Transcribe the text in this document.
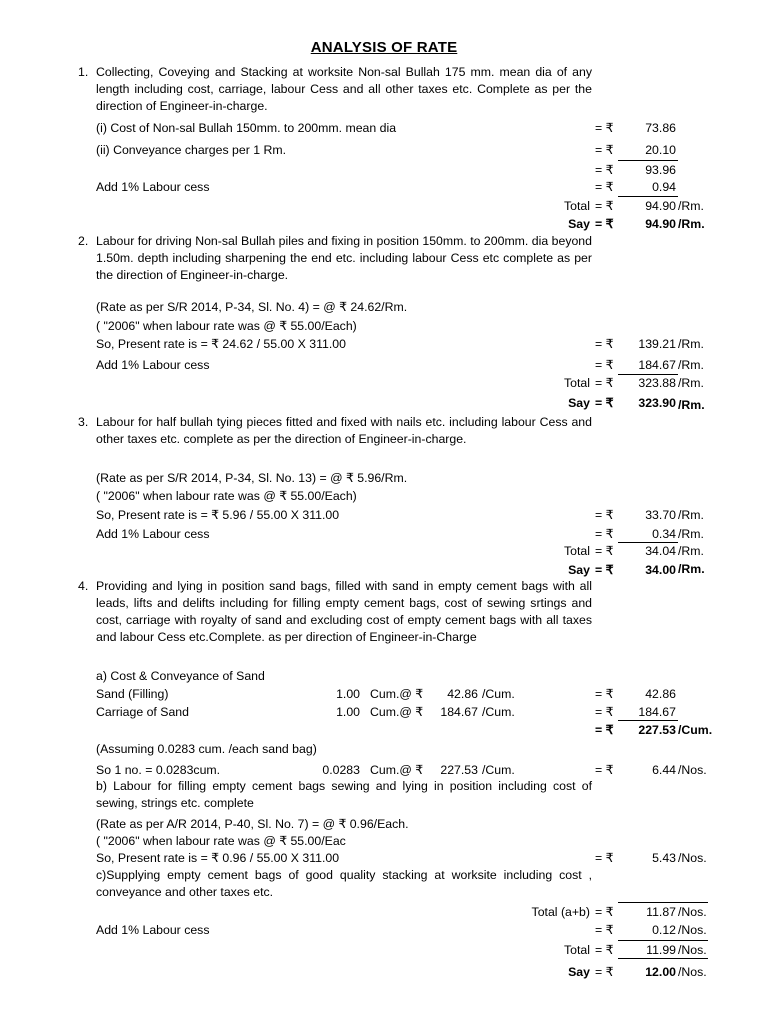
ANALYSIS OF RATE
1. Collecting, Coveying and Stacking at worksite Non-sal Bullah 175 mm. mean dia of any length including cost, carriage, labour Cess and all other taxes etc. Complete as per the direction of Engineer-in-charge.
(i) Cost of Non-sal Bullah 150mm. to 200mm. mean dia	= ₹	73.86
(ii) Conveyance charges per 1 Rm.	= ₹	20.10
= ₹	93.96
Add 1% Labour cess	= ₹	0.94
Total = ₹	94.90 /Rm.
Say = ₹	94.90 /Rm.
2. Labour for driving Non-sal Bullah piles and fixing in position 150mm. to 200mm. dia beyond 1.50m. depth including sharpening the end etc. including labour Cess etc complete as per the direction of Engineer-in-charge.
(Rate as per S/R 2014, P-34, Sl. No. 4) = @ ₹ 24.62/Rm.
( "2006" when labour rate was @ ₹ 55.00/Each)
So, Present rate is = ₹ 24.62 / 55.00 X 311.00	= ₹	139.21 /Rm.
Add 1% Labour cess	= ₹	184.67 /Rm.
Total = ₹	323.88 /Rm.
Say = ₹	323.90 /Rm.
3. Labour for half bullah tying pieces fitted and fixed with nails etc. including labour Cess and other taxes etc. complete as per the direction of Engineer-in-charge.
(Rate as per S/R 2014, P-34, Sl. No. 13) = @ ₹ 5.96/Rm.
( "2006" when labour rate was @ ₹ 55.00/Each)
So, Present rate is = ₹ 5.96 / 55.00 X 311.00	= ₹	33.70 /Rm.
Add 1% Labour cess	= ₹	0.34 /Rm.
Total = ₹	34.04 /Rm.
Say = ₹	34.00 /Rm.
4. Providing and lying in position sand bags, filled with sand in empty cement bags with all leads, lifts and delifts including for filling empty cement bags, cost of sewing srtings and cost, carriage with royalty of sand and excluding cost of empty cement bags with all taxes and labour Cess etc.Complete. as per direction of Engineer-in-Charge
a) Cost & Conveyance of Sand
Sand (Filling)	1.00 Cum.@ ₹	42.86 /Cum.	= ₹	42.86
Carriage of Sand	1.00 Cum.@ ₹	184.67 /Cum.	= ₹	184.67
= ₹	227.53 /Cum.
(Assuming 0.0283 cum. /each sand bag)
So 1 no. = 0.0283cum.	0.0283 Cum.@ ₹	227.53 /Cum.	= ₹	6.44 /Nos.
b) Labour for filling empty cement bags sewing and lying in position including cost of sewing, strings etc. complete
(Rate as per A/R 2014, P-40, Sl. No. 7) = @ ₹ 0.96/Each.
( "2006" when labour rate was @ ₹ 55.00/Eac
So, Present rate is = ₹ 0.96 / 55.00 X 311.00	= ₹	5.43 /Nos.
c)Supplying empty cement bags of good quality stacking at worksite including cost , conveyance and other taxes etc.
Total (a+b) = ₹	11.87 /Nos.
Add 1% Labour cess	= ₹	0.12 /Nos.
Total = ₹	11.99 /Nos.
Say = ₹	12.00 /Nos.
